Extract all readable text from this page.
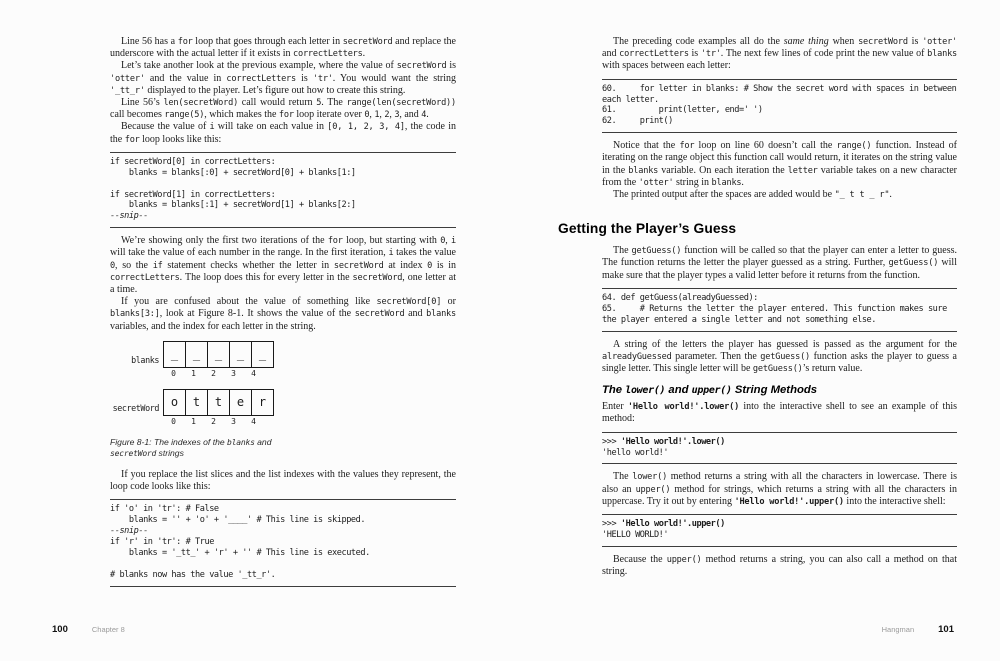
Line 56 has a for loop that goes through each letter in secretWord and replace the underscore with the actual letter if it exists in correctLetters.

Let’s take another look at the previous example, where the value of secretWord is 'otter' and the value in correctLetters is 'tr'. You would want the string '_tt_r' displayed to the player. Let’s figure out how to create this string.

Line 56’s len(secretWord) call would return 5. The range(len(secretWord)) call becomes range(5), which makes the for loop iterate over 0, 1, 2, 3, and 4.

Because the value of i will take on each value in [0, 1, 2, 3, 4], the code in the for loop looks like this:

if secretWord[0] in correctLetters:
blanks = blanks[:0] + secretWord[0] + blanks[1:]

if secretWord[1] in correctLetters:
blanks = blanks[:1] + secretWord[1] + blanks[2:]
--snip--

We’re showing only the first two iterations of the for loop, but starting with 0, i will take the value of each number in the range. In the first iteration, i takes the value 0, so the if statement checks whether the letter in secretWord at index 0 is in correctLetters. The loop does this for every letter in the secretWord, one letter at a time.

If you are confused about the value of something like secretWord[0] or blanks[3:], look at Figure 8-1. It shows the value of the secretWord and blanks variables, and the index for each letter in the string.

blanks _	_	_	_	_
0	1	2	3	4
secretWord o	t	t	e	r
0	1	2	3	4

Figure 8-1: The indexes of the blanks and secretWord strings

If you replace the list slices and the list indexes with the values they represent, the loop code looks like this:

if 'o' in 'tr': # False
blanks = '' + 'o' + '____' # This line is skipped.
--snip--
if 'r' in 'tr': # True
blanks = '_tt_' + 'r' + '' # This line is executed.

# blanks now has the value '_tt_r'.

The preceding code examples all do the same thing when secretWord is 'otter' and correctLetters is 'tr'. The next few lines of code print the new value of blanks with spaces between each letter:

60.     for letter in blanks: # Show the secret word with spaces in between each letter.
61.         print(letter, end=' ')
62.     print()

Notice that the for loop on line 60 doesn’t call the range() function. Instead of iterating on the range object this function call would return, it iterates on the string value in the blanks variable. On each iteration the letter variable takes on a new character from the 'otter' string in blanks.

The printed output after the spaces are added would be "_ t t _ r".

Getting the Player’s Guess

The getGuess() function will be called so that the player can enter a letter to guess. The function returns the letter the player guessed as a string. Further, getGuess() will make sure that the player types a valid letter before it returns from the function.

64. def getGuess(alreadyGuessed):
65.     # Returns the letter the player entered. This function makes sure the player entered a single letter and not something else.

A string of the letters the player has guessed is passed as the argument for the alreadyGuessed parameter. Then the getGuess() function asks the player to guess a single letter. This single letter will be getGuess()’s return value.

The lower() and upper() String Methods

Enter 'Hello world!'.lower() into the interactive shell to see an example of this method:

>>> 'Hello world!'.lower()
'hello world!'

The lower() method returns a string with all the characters in lowercase. There is also an upper() method for strings, which returns a string with all the characters in uppercase. Try it out by entering 'Hello world!'.upper() into the interactive shell:

>>> 'Hello world!'.upper()
'HELLO WORLD!'

Because the upper() method returns a string, you can also call a method on that string.

100	Chapter 8	Hangman	101
